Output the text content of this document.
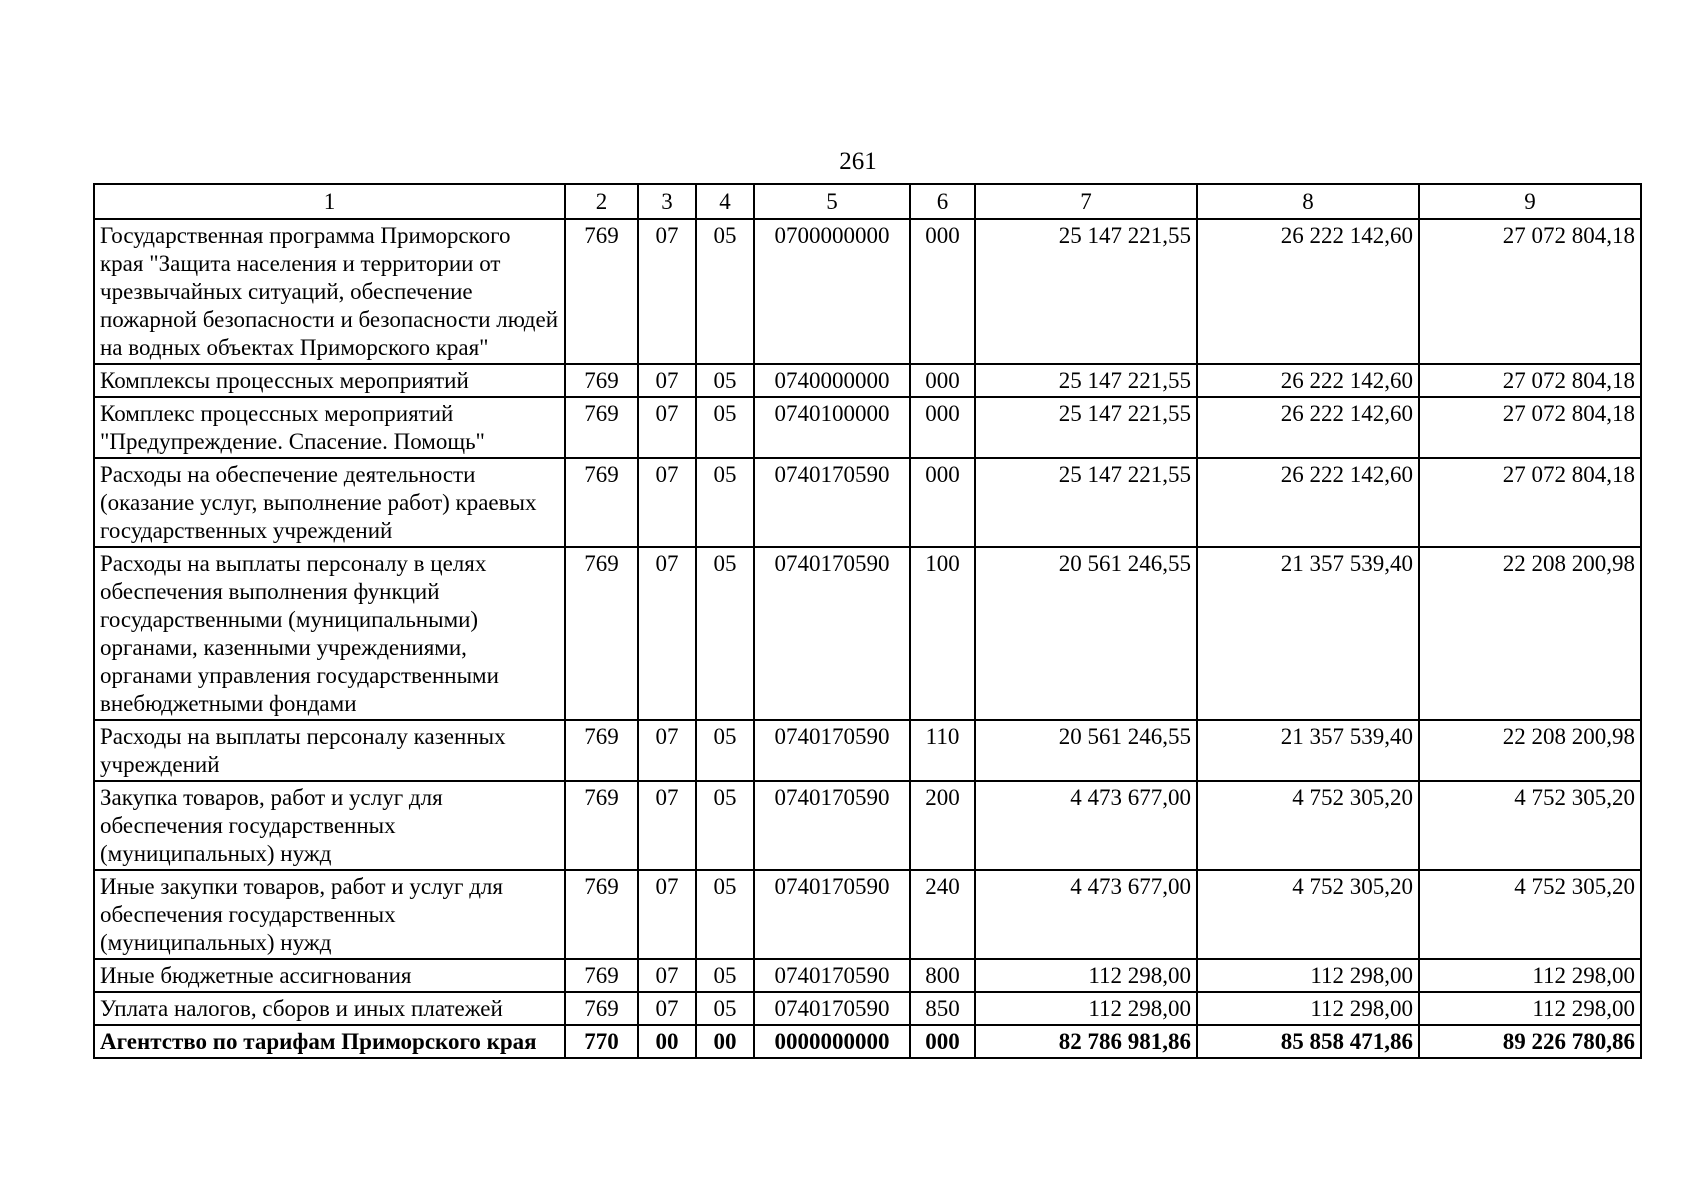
261
1	2	3	4	5	6	7	8	9
Государственная программа Приморского края "Защита населения и территории от чрезвычайных ситуаций, обеспечение пожарной безопасности и безопасности людей на водных объектах Приморского края"	769	07	05	0700000000	000	25 147 221,55	26 222 142,60	27 072 804,18
Комплексы процессных мероприятий	769	07	05	0740000000	000	25 147 221,55	26 222 142,60	27 072 804,18
Комплекс процессных мероприятий "Предупреждение. Спасение. Помощь"	769	07	05	0740100000	000	25 147 221,55	26 222 142,60	27 072 804,18
Расходы на обеспечение деятельности (оказание услуг, выполнение работ) краевых государственных учреждений	769	07	05	0740170590	000	25 147 221,55	26 222 142,60	27 072 804,18
Расходы на выплаты персоналу в целях обеспечения выполнения функций государственными (муниципальными) органами, казенными учреждениями, органами управления государственными внебюджетными фондами	769	07	05	0740170590	100	20 561 246,55	21 357 539,40	22 208 200,98
Расходы на выплаты персоналу казенных учреждений	769	07	05	0740170590	110	20 561 246,55	21 357 539,40	22 208 200,98
Закупка товаров, работ и услуг для обеспечения государственных (муниципальных) нужд	769	07	05	0740170590	200	4 473 677,00	4 752 305,20	4 752 305,20
Иные закупки товаров, работ и услуг для обеспечения государственных (муниципальных) нужд	769	07	05	0740170590	240	4 473 677,00	4 752 305,20	4 752 305,20
Иные бюджетные ассигнования	769	07	05	0740170590	800	112 298,00	112 298,00	112 298,00
Уплата налогов, сборов и иных платежей	769	07	05	0740170590	850	112 298,00	112 298,00	112 298,00
Агентство по тарифам Приморского края	770	00	00	0000000000	000	82 786 981,86	85 858 471,86	89 226 780,86
